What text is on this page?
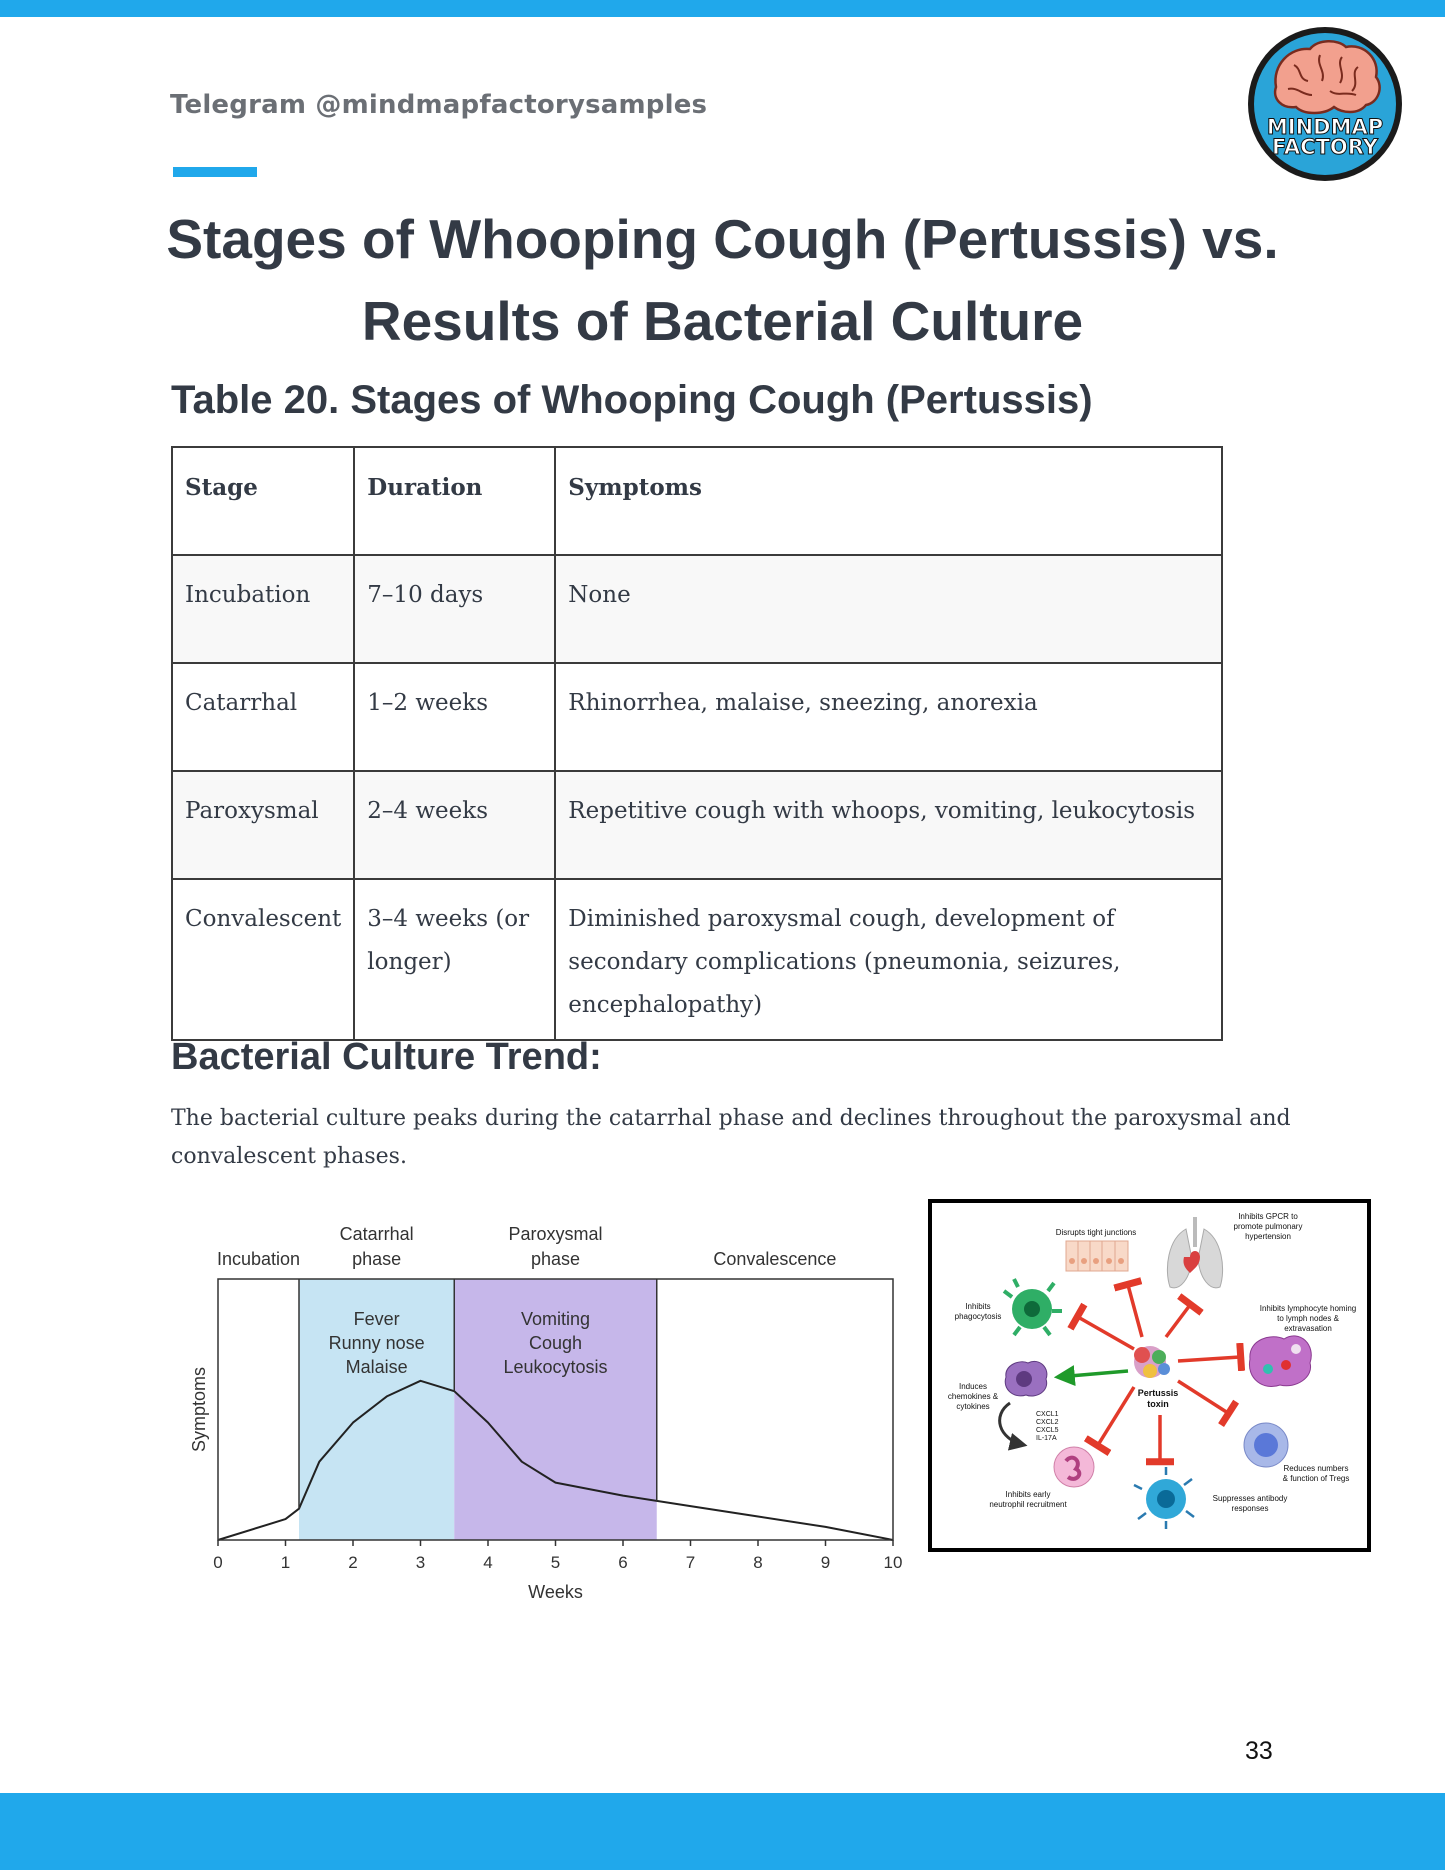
Telegram @mindmapfactorysamples
MINDMAP
FACTORY
Stages of Whooping Cough (Pertussis) vs.
Results of Bacterial Culture
Table 20. Stages of Whooping Cough (Pertussis)
Stage	Duration	Symptoms
Incubation	7–10 days	None
Catarrhal	1–2 weeks	Rhinorrhea, malaise, sneezing, anorexia
Paroxysmal	2–4 weeks	Repetitive cough with whoops, vomiting, leukocytosis
Convalescent	3–4 weeks (or longer)	Diminished paroxysmal cough, development of secondary complications (pneumonia, seizures, encephalopathy)
Bacterial Culture Trend:
The bacterial culture peaks during the catarrhal phase and declines throughout the paroxysmal and convalescent phases.
Incubation
Catarrhal
phase
Fever
Runny nose
Malaise
Paroxysmal
phase
Vomiting
Cough
Leukocytosis
Convalescence
0	1	2	3	4	5	6	7	8	9	10
Weeks
Symptoms	Pertussis
toxin
Disrupts tight junctions
Inhibits GPCR to
promote pulmonary
hypertension
Inhibits
phagocytosis
Inhibits lymphocyte homing
to lymph nodes &
extravasation
Induces
chemokines &
cytokines
CXCL1
CXCL2
CXCL5
IL-17A
Inhibits early
neutrophil recruitment
Suppresses antibody
responses
Reduces numbers
& function of Tregs
33
